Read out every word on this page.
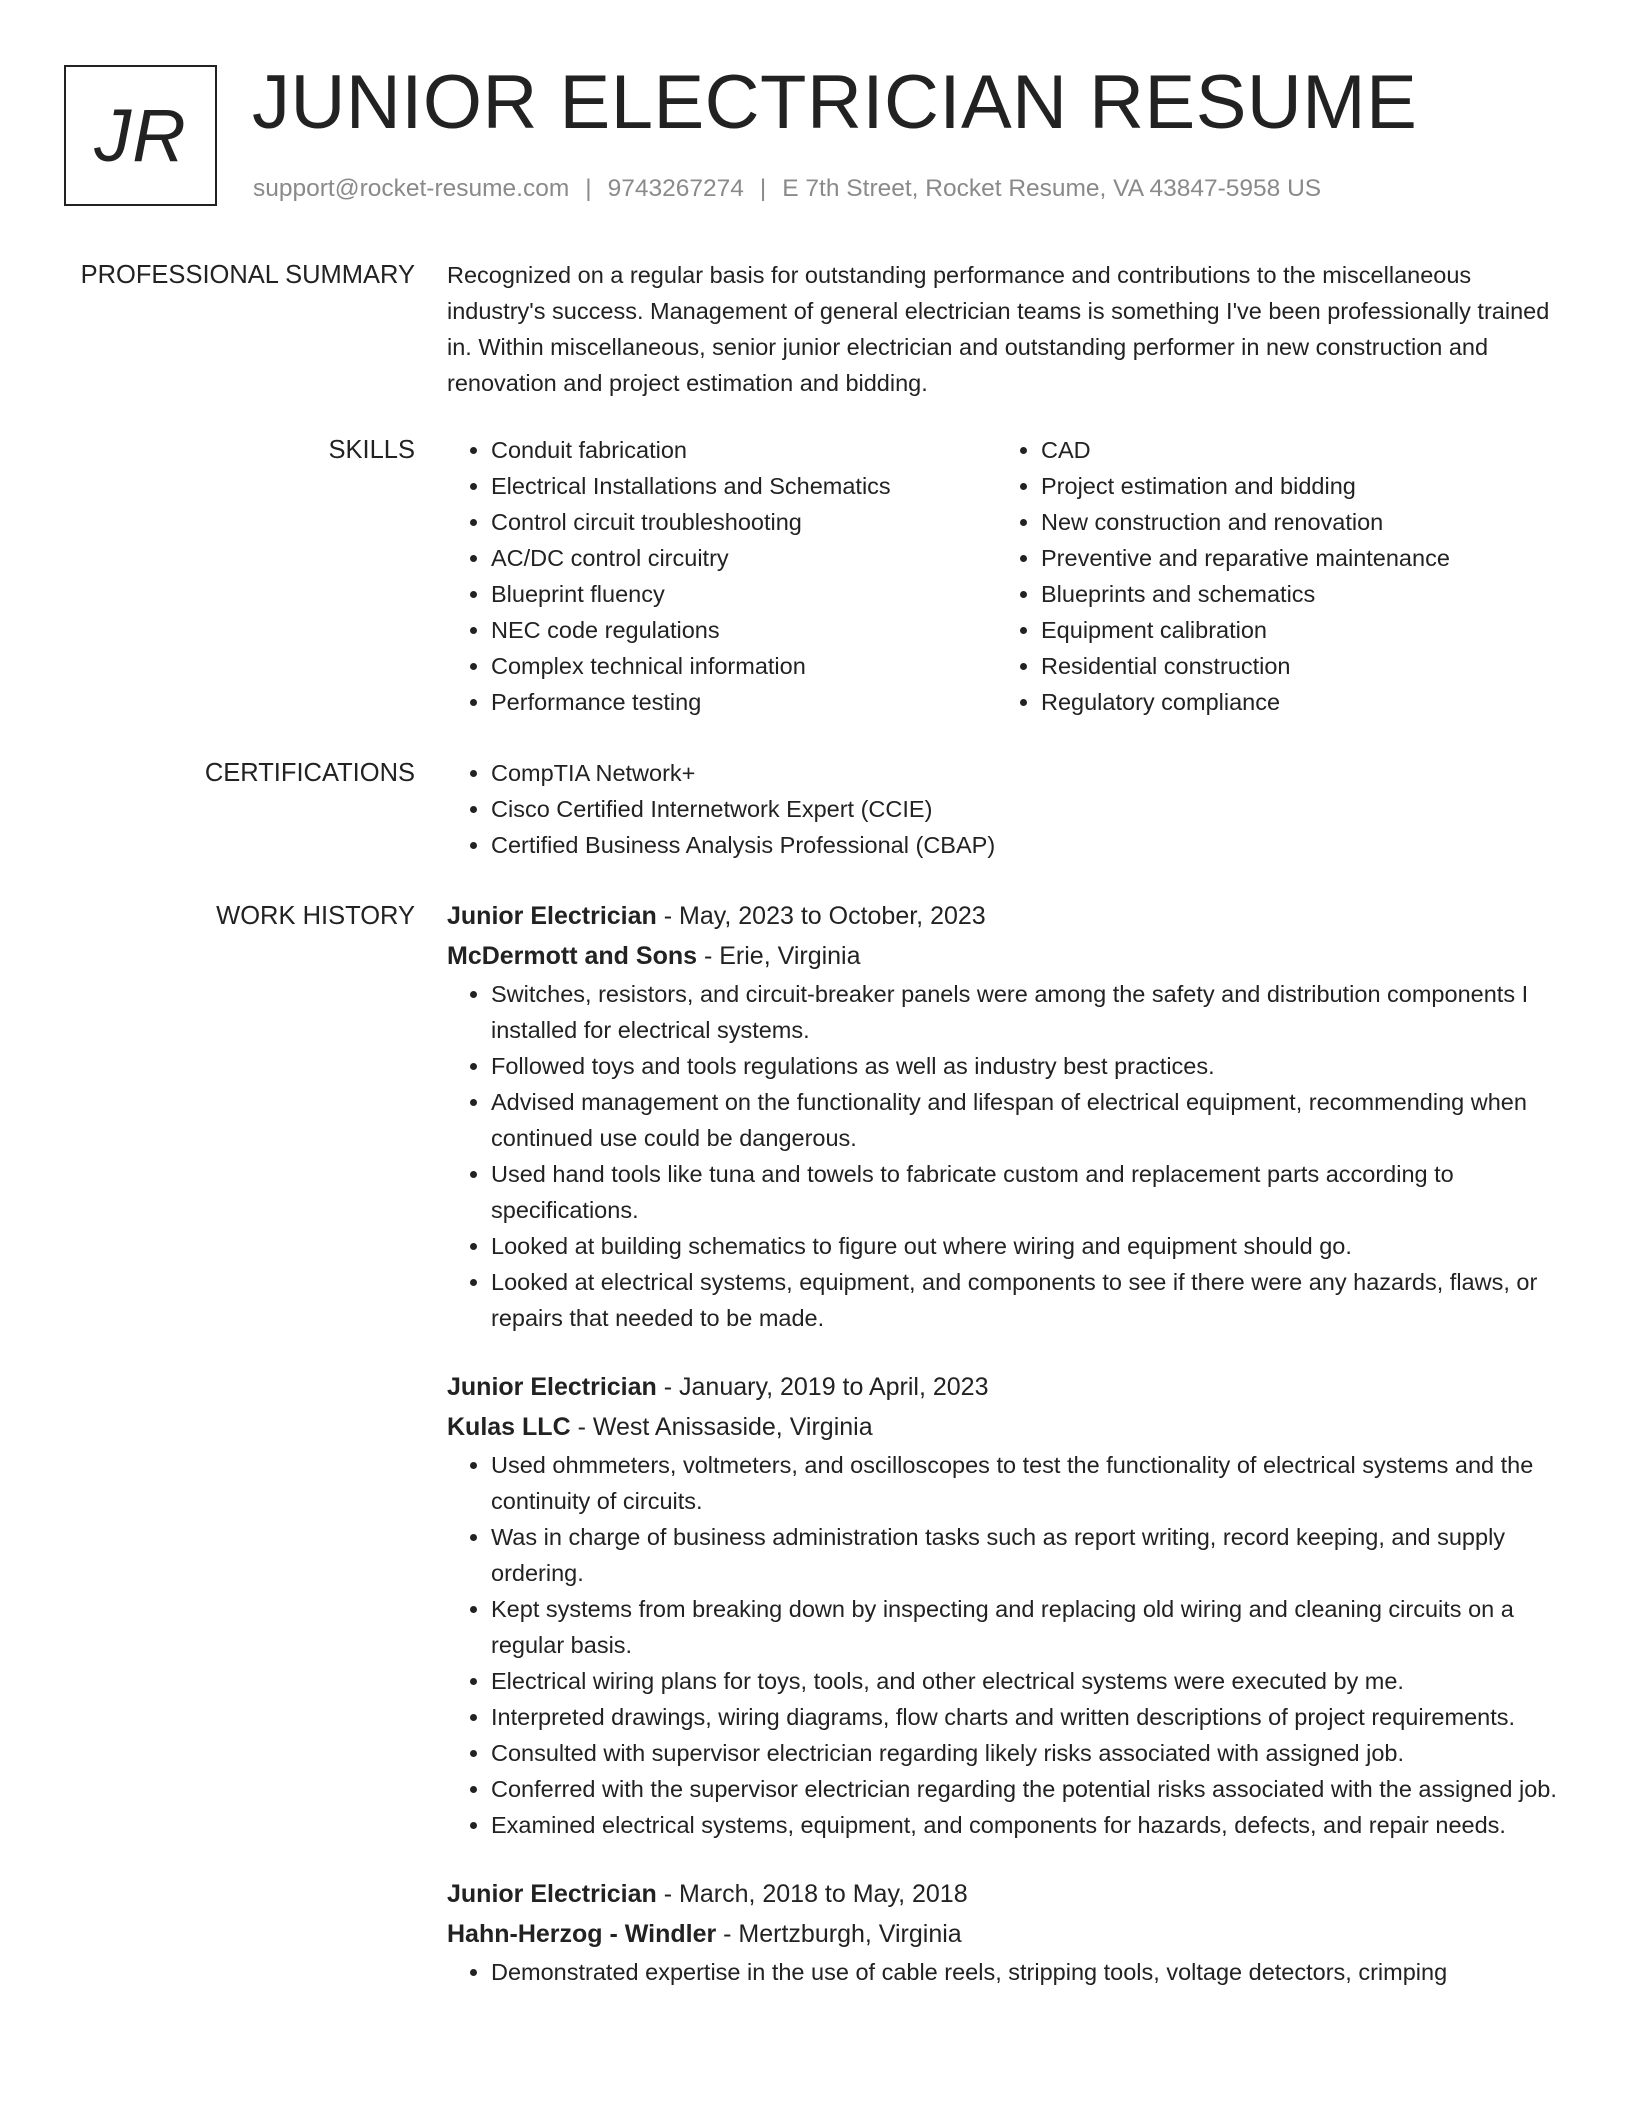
JR JUNIOR ELECTRICIAN RESUME
support@rocket-resume.com | 9743267274 | E 7th Street, Rocket Resume, VA 43847-5958 US
PROFESSIONAL SUMMARY Recognized on a regular basis for outstanding performance and contributions to the miscellaneous industry's success. Management of general electrician teams is something I've been professionally trained in. Within miscellaneous, senior junior electrician and outstanding performer in new construction and renovation and project estimation and bidding.

SKILLS	• Conduit fabrication
• Electrical Installations and Schematics
• Control circuit troubleshooting
• AC/DC control circuitry
• Blueprint fluency
• NEC code regulations
• Complex technical information
• Performance testing
• CAD
• Project estimation and bidding
• New construction and renovation
• Preventive and reparative maintenance
• Blueprints and schematics
• Equipment calibration
• Residential construction
• Regulatory compliance
CERTIFICATIONS	• CompTIA Network+
• Cisco Certified Internetwork Expert (CCIE)
• Certified Business Analysis Professional (CBAP)
WORK HISTORY Junior Electrician - May, 2023 to October, 2023
McDermott and Sons - Erie, Virginia
• Switches, resistors, and circuit-breaker panels were among the safety and distribution components I installed for electrical systems.
• Followed toys and tools regulations as well as industry best practices.
• Advised management on the functionality and lifespan of electrical equipment, recommending when continued use could be dangerous.
• Used hand tools like tuna and towels to fabricate custom and replacement parts according to specifications.
• Looked at building schematics to figure out where wiring and equipment should go.
• Looked at electrical systems, equipment, and components to see if there were any hazards, flaws, or repairs that needed to be made.
Junior Electrician - January, 2019 to April, 2023
Kulas LLC - West Anissaside, Virginia
• Used ohmmeters, voltmeters, and oscilloscopes to test the functionality of electrical systems and the continuity of circuits.
• Was in charge of business administration tasks such as report writing, record keeping, and supply ordering.
• Kept systems from breaking down by inspecting and replacing old wiring and cleaning circuits on a regular basis.
• Electrical wiring plans for toys, tools, and other electrical systems were executed by me.
• Interpreted drawings, wiring diagrams, flow charts and written descriptions of project requirements.
• Consulted with supervisor electrician regarding likely risks associated with assigned job.
• Conferred with the supervisor electrician regarding the potential risks associated with the assigned job.
• Examined electrical systems, equipment, and components for hazards, defects, and repair needs.
Junior Electrician - March, 2018 to May, 2018
Hahn-Herzog - Windler - Mertzburgh, Virginia
• Demonstrated expertise in the use of cable reels, stripping tools, voltage detectors, crimping
